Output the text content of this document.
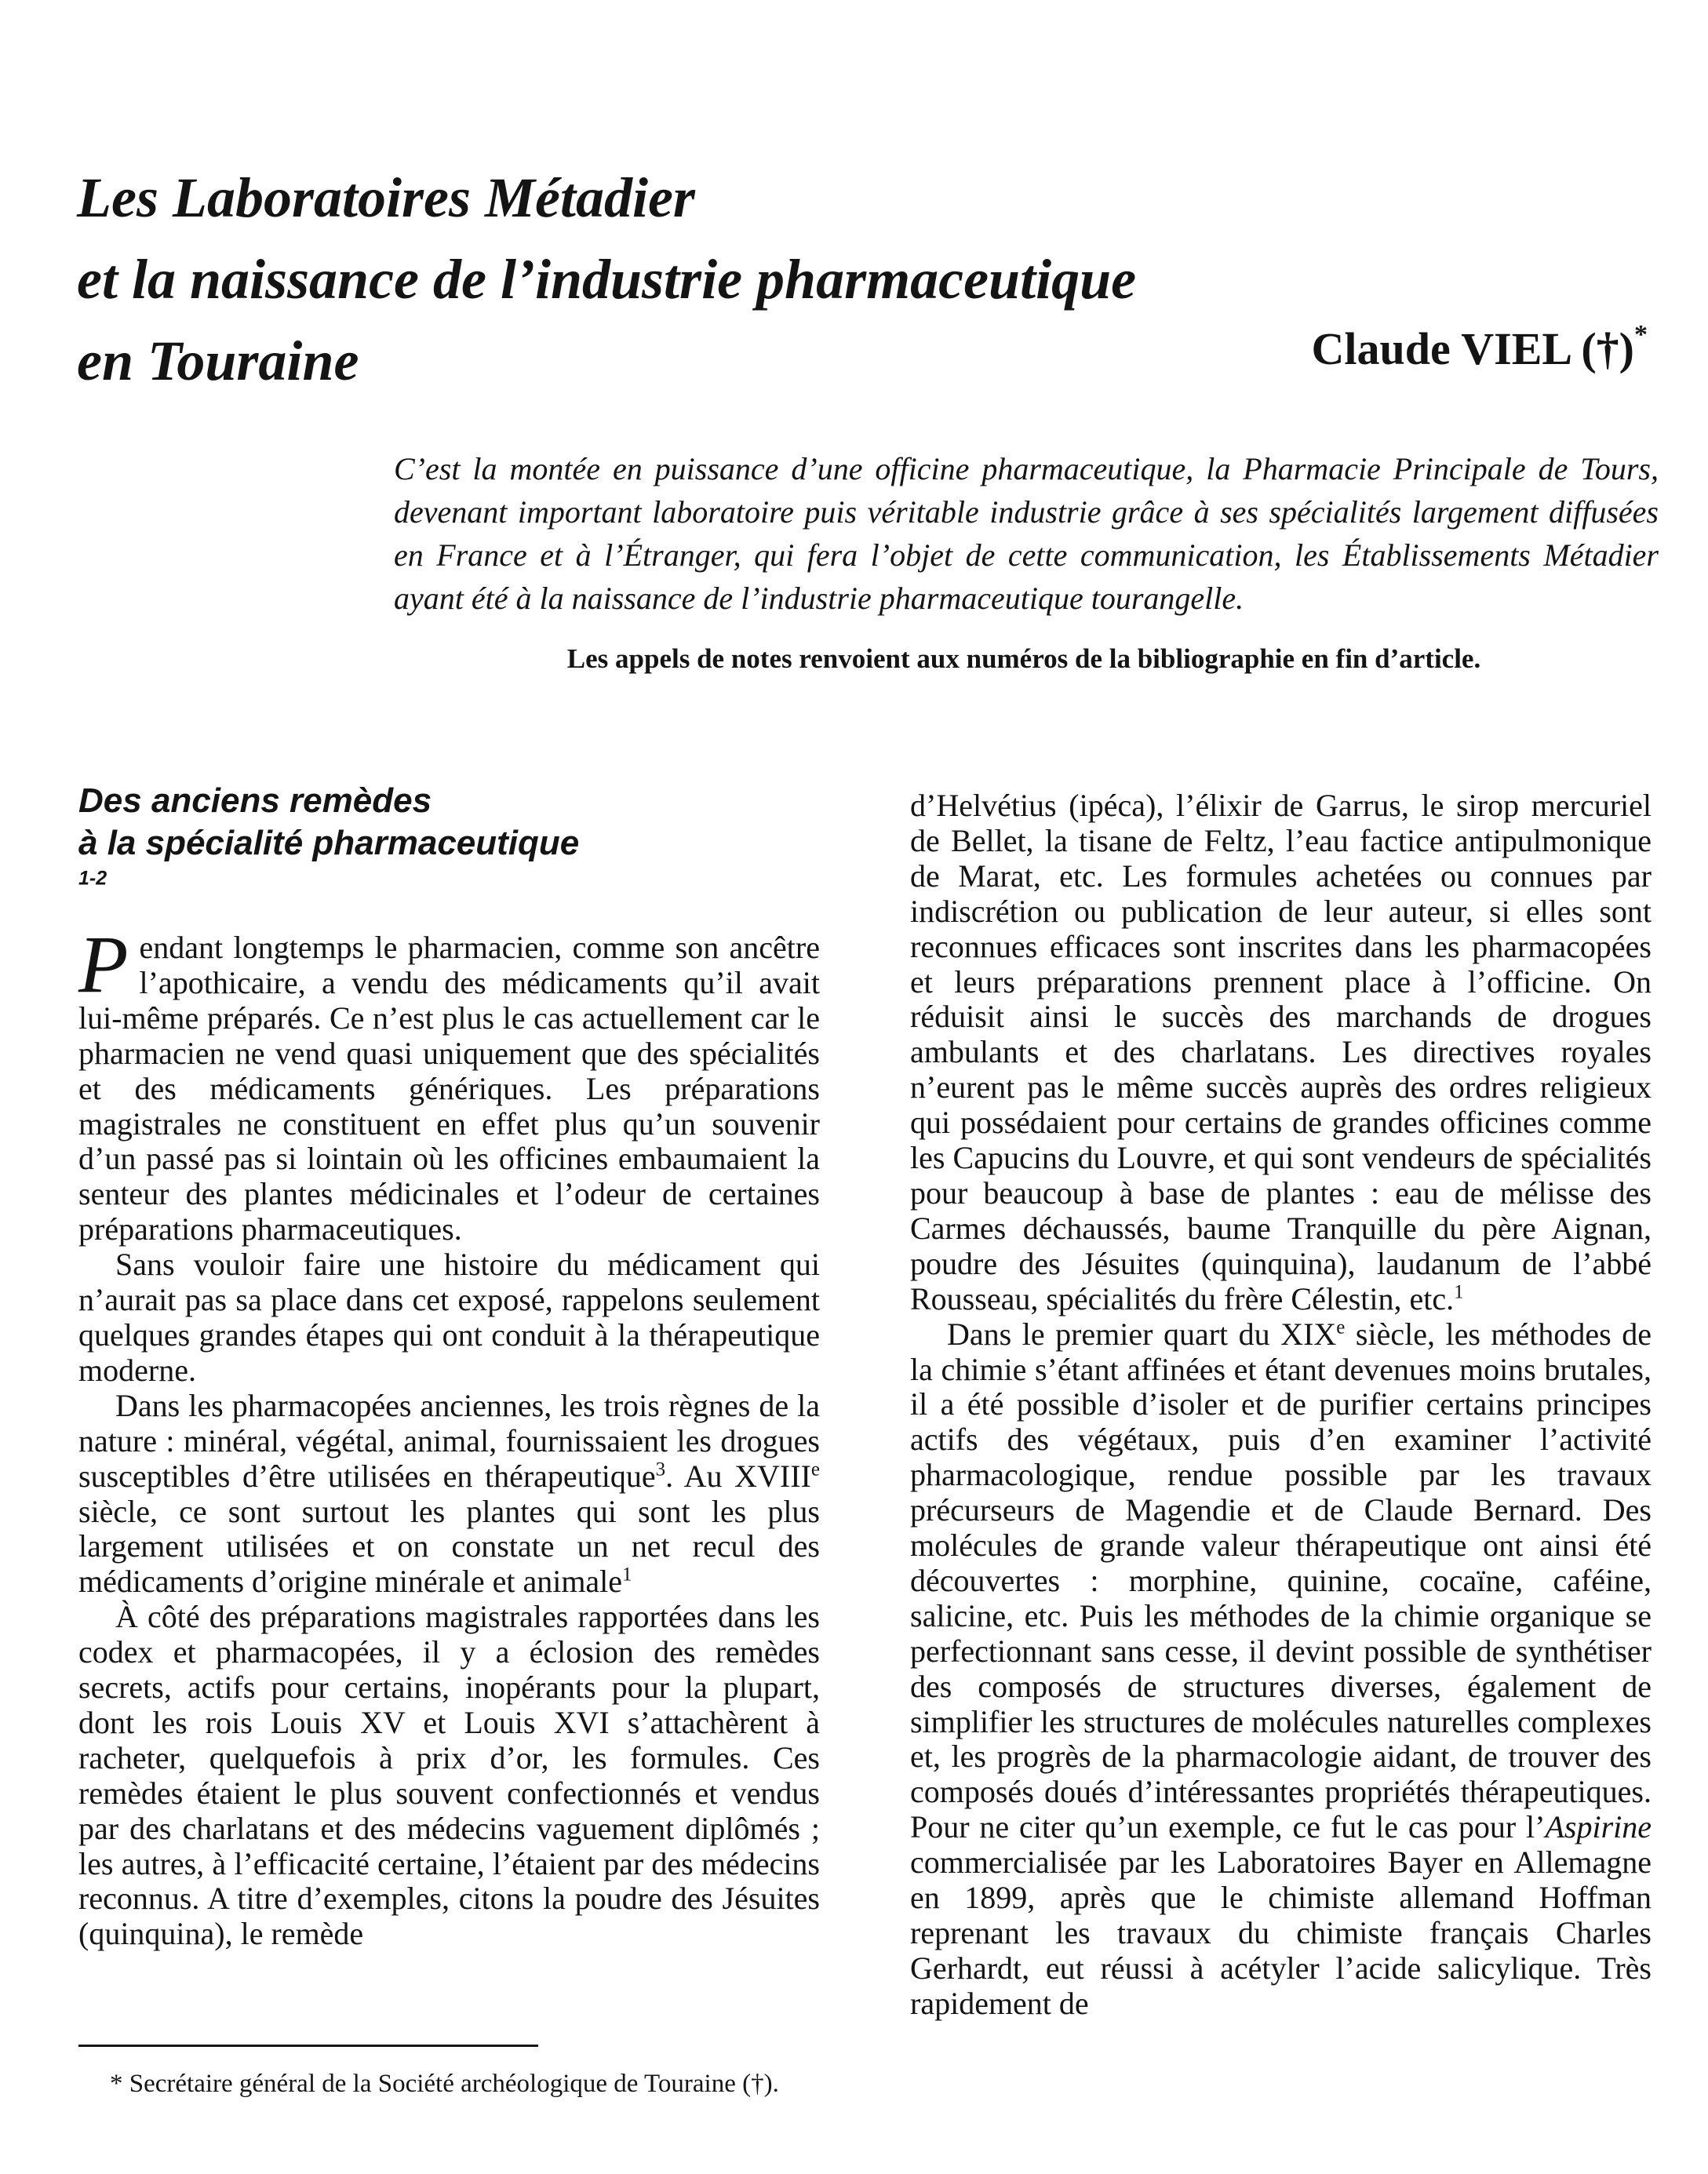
Les Laboratoires Métadier
et la naissance de l’industrie pharmaceutique
en Touraine	Claude VIEL (†)*

C’est la montée en puissance d’une officine pharmaceutique, la Pharmacie Principale de Tours, devenant important laboratoire puis véritable industrie grâce à ses spécialités largement diffusées en France et à l’Étranger, qui fera l’objet de cette communication, les Établissements Métadier ayant été à la naissance de l’industrie pharmaceutique tourangelle.

Les appels de notes renvoient aux numéros de la bibliographie en fin d’article.
Des anciens remèdes
à la spécialité pharmaceutique
$^{1-2}$

Pendant longtemps le pharmacien, comme son ancêtre l’apothicaire, a vendu des médicaments qu’il avait lui-même préparés. Ce n’est plus le cas actuellement car le pharmacien ne vend quasi uniquement que des spécialités et des médicaments génériques. Les préparations magistrales ne constituent en effet plus qu’un souvenir d’un passé pas si lointain où les officines embaumaient la senteur des plantes médicinales et l’odeur de certaines préparations pharmaceutiques.

Sans vouloir faire une histoire du médicament qui n’aurait pas sa place dans cet exposé, rappelons seulement quelques grandes étapes qui ont conduit à la thérapeutique moderne.

Dans les pharmacopées anciennes, les trois règnes de la nature : minéral, végétal, animal, fournissaient les drogues susceptibles d’être utilisées en thérapeutique$^3$. Au XVIIIe siècle, ce sont surtout les plantes qui sont les plus largement utilisées et on constate un net recul des médicaments d’origine minérale et animale$^1$

À côté des préparations magistrales rapportées dans les codex et pharmacopées, il y a éclosion des remèdes secrets, actifs pour certains, inopérants pour la plupart, dont les rois Louis XV et Louis XVI s’attachèrent à racheter, quelquefois à prix d’or, les formules. Ces remèdes étaient le plus souvent confectionnés et vendus par des charlatans et des médecins vaguement diplômés ; les autres, à l’efficacité certaine, l’étaient par des médecins reconnus. A titre d’exemples, citons la poudre des Jésuites (quinquina), le remède

d’Helvétius (ipéca), l’élixir de Garrus, le sirop mercuriel de Bellet, la tisane de Feltz, l’eau factice antipulmonique de Marat, etc. Les formules achetées ou connues par indiscrétion ou publication de leur auteur, si elles sont reconnues efficaces sont inscrites dans les pharmacopées et leurs préparations prennent place à l’officine. On réduisit ainsi le succès des marchands de drogues ambulants et des charlatans. Les directives royales n’eurent pas le même succès auprès des ordres religieux qui possédaient pour certains de grandes officines comme les Capucins du Louvre, et qui sont vendeurs de spécialités pour beaucoup à base de plantes : eau de mélisse des Carmes déchaussés, baume Tranquille du père Aignan, poudre des Jésuites (quinquina), laudanum de l’abbé Rousseau, spécialités du frère Célestin, etc.$^1$

Dans le premier quart du XIXe siècle, les méthodes de la chimie s’étant affinées et étant devenues moins brutales, il a été possible d’isoler et de purifier certains principes actifs des végétaux, puis d’en examiner l’activité pharmacologique, rendue possible par les travaux précurseurs de Magendie et de Claude Bernard. Des molécules de grande valeur thérapeutique ont ainsi été découvertes : morphine, quinine, cocaïne, caféine, salicine, etc. Puis les méthodes de la chimie organique se perfectionnant sans cesse, il devint possible de synthétiser des composés de structures diverses, également de simplifier les structures de molécules naturelles complexes et, les progrès de la pharmacologie aidant, de trouver des composés doués d’intéressantes propriétés thérapeutiques. Pour ne citer qu’un exemple, ce fut le cas pour l’Aspirine commercialisée par les Laboratoires Bayer en Allemagne en 1899, après que le chimiste allemand Hoffman reprenant les travaux du chimiste français Charles Gerhardt, eut réussi à acétyler l’acide salicylique. Très rapidement de

* Secrétaire général de la Société archéologique de Touraine (†).
